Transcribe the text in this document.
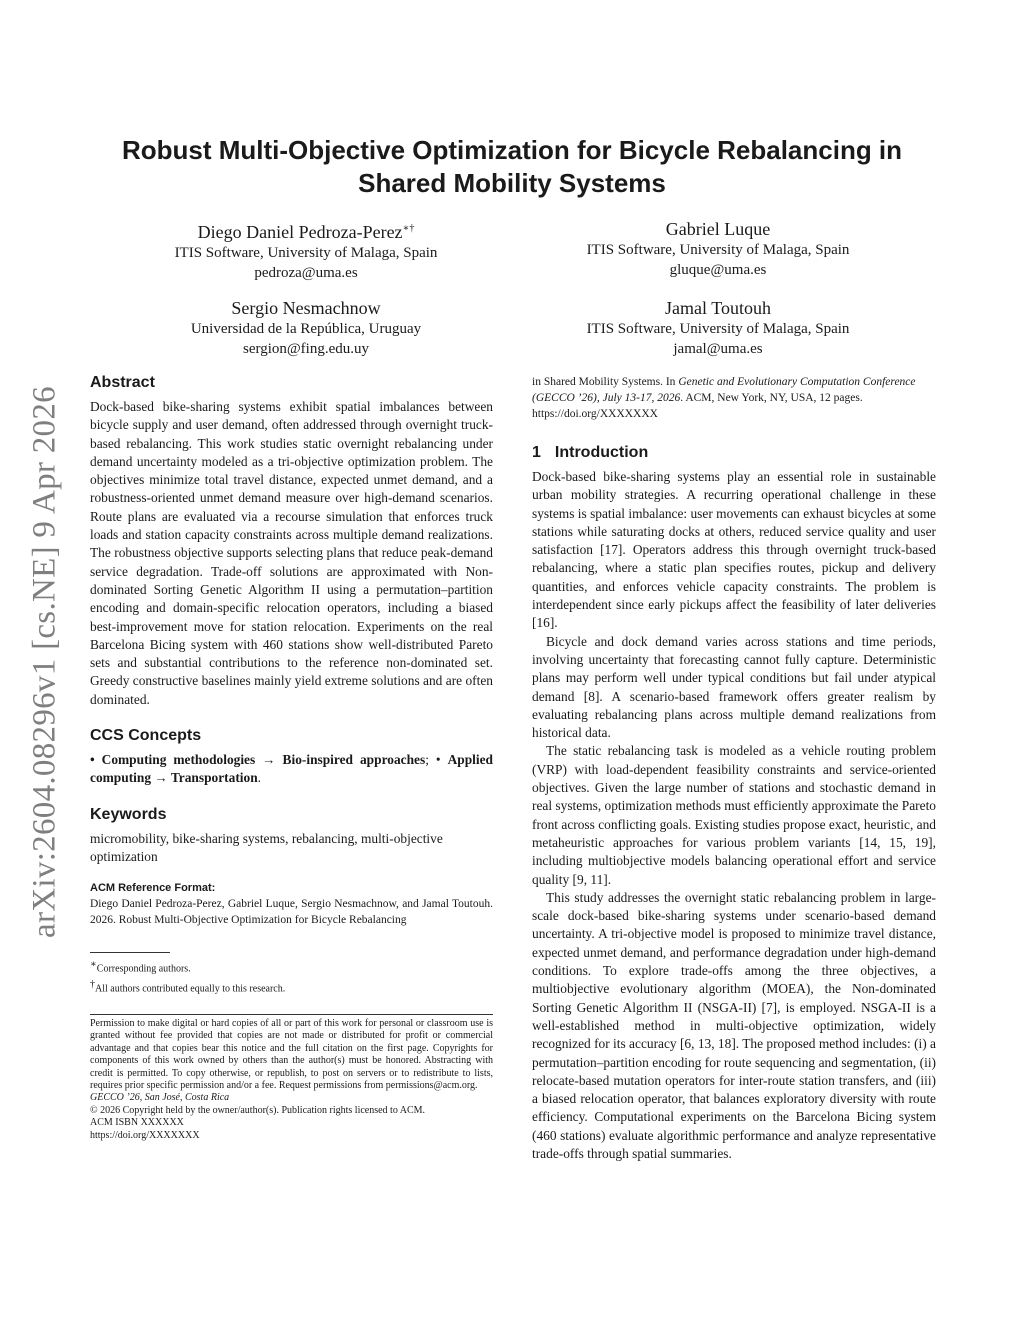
arXiv:2604.08296v1 [cs.NE] 9 Apr 2026
Robust Multi-Objective Optimization for Bicycle Rebalancing in Shared Mobility Systems
Diego Daniel Pedroza-Perez∗†
ITIS Software, University of Malaga, Spain
pedroza@uma.es
Gabriel Luque
ITIS Software, University of Malaga, Spain
gluque@uma.es
Sergio Nesmachnow
Universidad de la República, Uruguay
sergion@fing.edu.uy
Jamal Toutouh
ITIS Software, University of Malaga, Spain
jamal@uma.es
Abstract

Dock-based bike-sharing systems exhibit spatial imbalances between bicycle supply and user demand, often addressed through overnight truck-based rebalancing. This work studies static overnight rebalancing under demand uncertainty modeled as a tri-objective optimization problem. The objectives minimize total travel distance, expected unmet demand, and a robustness-oriented unmet demand measure over high-demand scenarios. Route plans are evaluated via a recourse simulation that enforces truck loads and station capacity constraints across multiple demand realizations. The robustness objective supports selecting plans that reduce peak-demand service degradation. Trade-off solutions are approximated with Non-dominated Sorting Genetic Algorithm II using a permutation–partition encoding and domain-specific relocation operators, including a biased best-improvement move for station relocation. Experiments on the real Barcelona Bicing system with 460 stations show well-distributed Pareto sets and substantial contributions to the reference non-dominated set. Greedy constructive baselines mainly yield extreme solutions and are often dominated.

CCS Concepts

• Computing methodologies → Bio-inspired approaches; • Applied computing → Transportation.

Keywords

micromobility, bike-sharing systems, rebalancing, multi-objective optimization

ACM Reference Format:
Diego Daniel Pedroza-Perez, Gabriel Luque, Sergio Nesmachnow, and Jamal Toutouh. 2026. Robust Multi-Objective Optimization for Bicycle Rebalancing
∗Corresponding authors.
†All authors contributed equally to this research.

Permission to make digital or hard copies of all or part of this work for personal or classroom use is granted without fee provided that copies are not made or distributed for profit or commercial advantage and that copies bear this notice and the full citation on the first page. Copyrights for components of this work owned by others than the author(s) must be honored. Abstracting with credit is permitted. To copy otherwise, or republish, to post on servers or to redistribute to lists, requires prior specific permission and/or a fee. Request permissions from permissions@acm.org.

GECCO ’26, San José, Costa Rica

© 2026 Copyright held by the owner/author(s). Publication rights licensed to ACM.

ACM ISBN XXXXXX

https://doi.org/XXXXXXX

in Shared Mobility Systems. In Genetic and Evolutionary Computation Conference (GECCO ’26), July 13-17, 2026. ACM, New York, NY, USA, 12 pages. https://doi.org/XXXXXXX

1 Introduction

Dock-based bike-sharing systems play an essential role in sustainable urban mobility strategies. A recurring operational challenge in these systems is spatial imbalance: user movements can exhaust bicycles at some stations while saturating docks at others, reduced service quality and user satisfaction [17]. Operators address this through overnight truck-based rebalancing, where a static plan specifies routes, pickup and delivery quantities, and enforces vehicle capacity constraints. The problem is interdependent since early pickups affect the feasibility of later deliveries [16].

Bicycle and dock demand varies across stations and time periods, involving uncertainty that forecasting cannot fully capture. Deterministic plans may perform well under typical conditions but fail under atypical demand [8]. A scenario-based framework offers greater realism by evaluating rebalancing plans across multiple demand realizations from historical data.

The static rebalancing task is modeled as a vehicle routing problem (VRP) with load-dependent feasibility constraints and service-oriented objectives. Given the large number of stations and stochastic demand in real systems, optimization methods must efficiently approximate the Pareto front across conflicting goals. Existing studies propose exact, heuristic, and metaheuristic approaches for various problem variants [14, 15, 19], including multiobjective models balancing operational effort and service quality [9, 11].

This study addresses the overnight static rebalancing problem in large-scale dock-based bike-sharing systems under scenario-based demand uncertainty. A tri-objective model is proposed to minimize travel distance, expected unmet demand, and performance degradation under high-demand conditions. To explore trade-offs among the three objectives, a multiobjective evolutionary algorithm (MOEA), the Non-dominated Sorting Genetic Algorithm II (NSGA-II) [7], is employed. NSGA-II is a well-established method in multi-objective optimization, widely recognized for its accuracy [6, 13, 18]. The proposed method includes: (i) a permutation–partition encoding for route sequencing and segmentation, (ii) relocate-based mutation operators for inter-route station transfers, and (iii) a biased relocation operator, that balances exploratory diversity with route efficiency. Computational experiments on the Barcelona Bicing system (460 stations) evaluate algorithmic performance and analyze representative trade-offs through spatial summaries.
